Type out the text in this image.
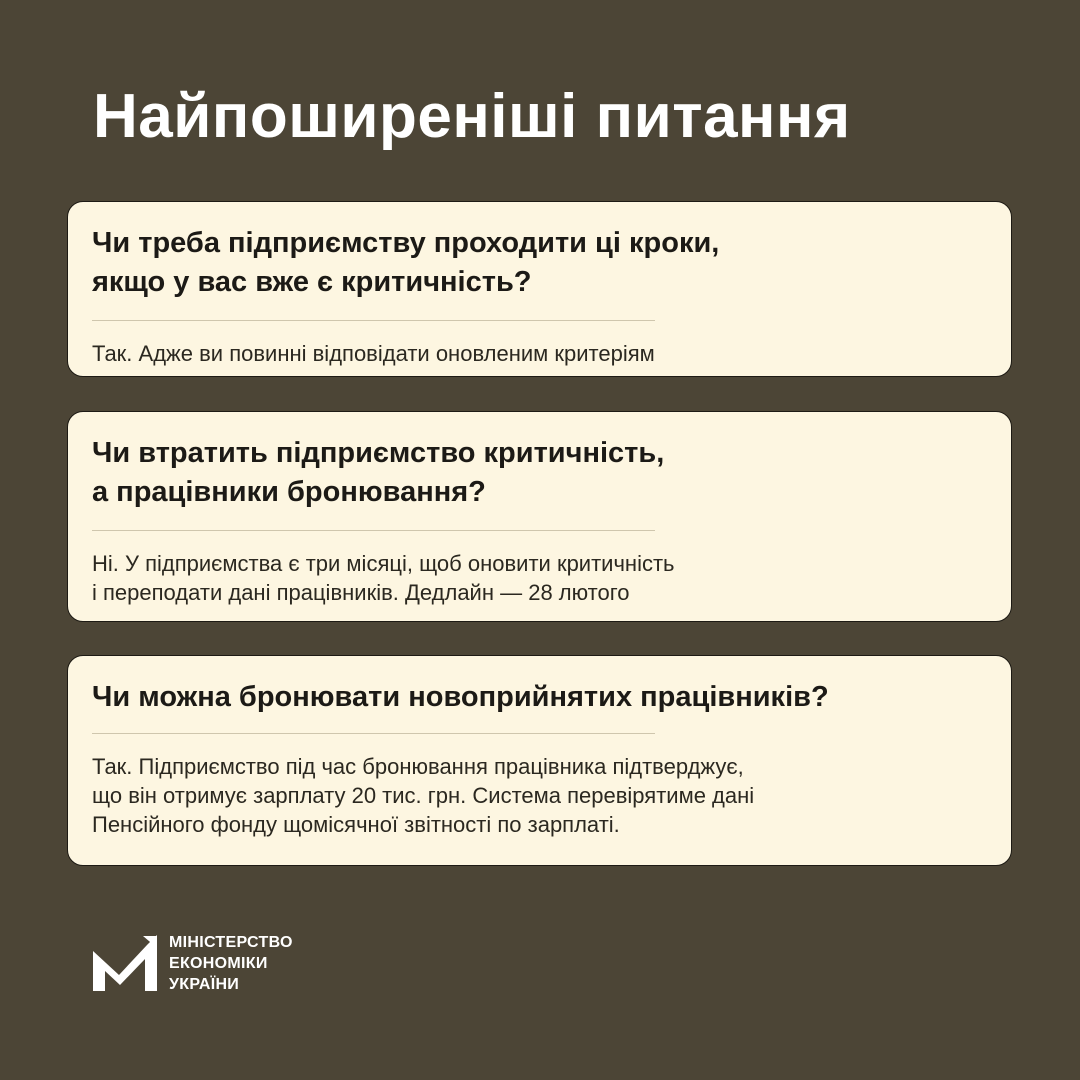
Найпоширеніші питання
Чи треба підприємству проходити ці кроки,
якщо у вас вже є критичність?

Так. Адже ви повинні відповідати оновленим критеріям

Чи втратить підприємство критичність,
а працівники бронювання?

Ні. У підприємства є три місяці, щоб оновити критичність
і переподати дані працівників. Дедлайн — 28 лютого

Чи можна бронювати новоприйнятих працівників?

Так. Підприємство під час бронювання працівника підтверджує,
що він отримує зарплату 20 тис. грн. Система перевірятиме дані
Пенсійного фонду щомісячної звітності по зарплаті.

МІНІСТЕРСТВО
ЕКОНОМІКИ
УКРАЇНИ
